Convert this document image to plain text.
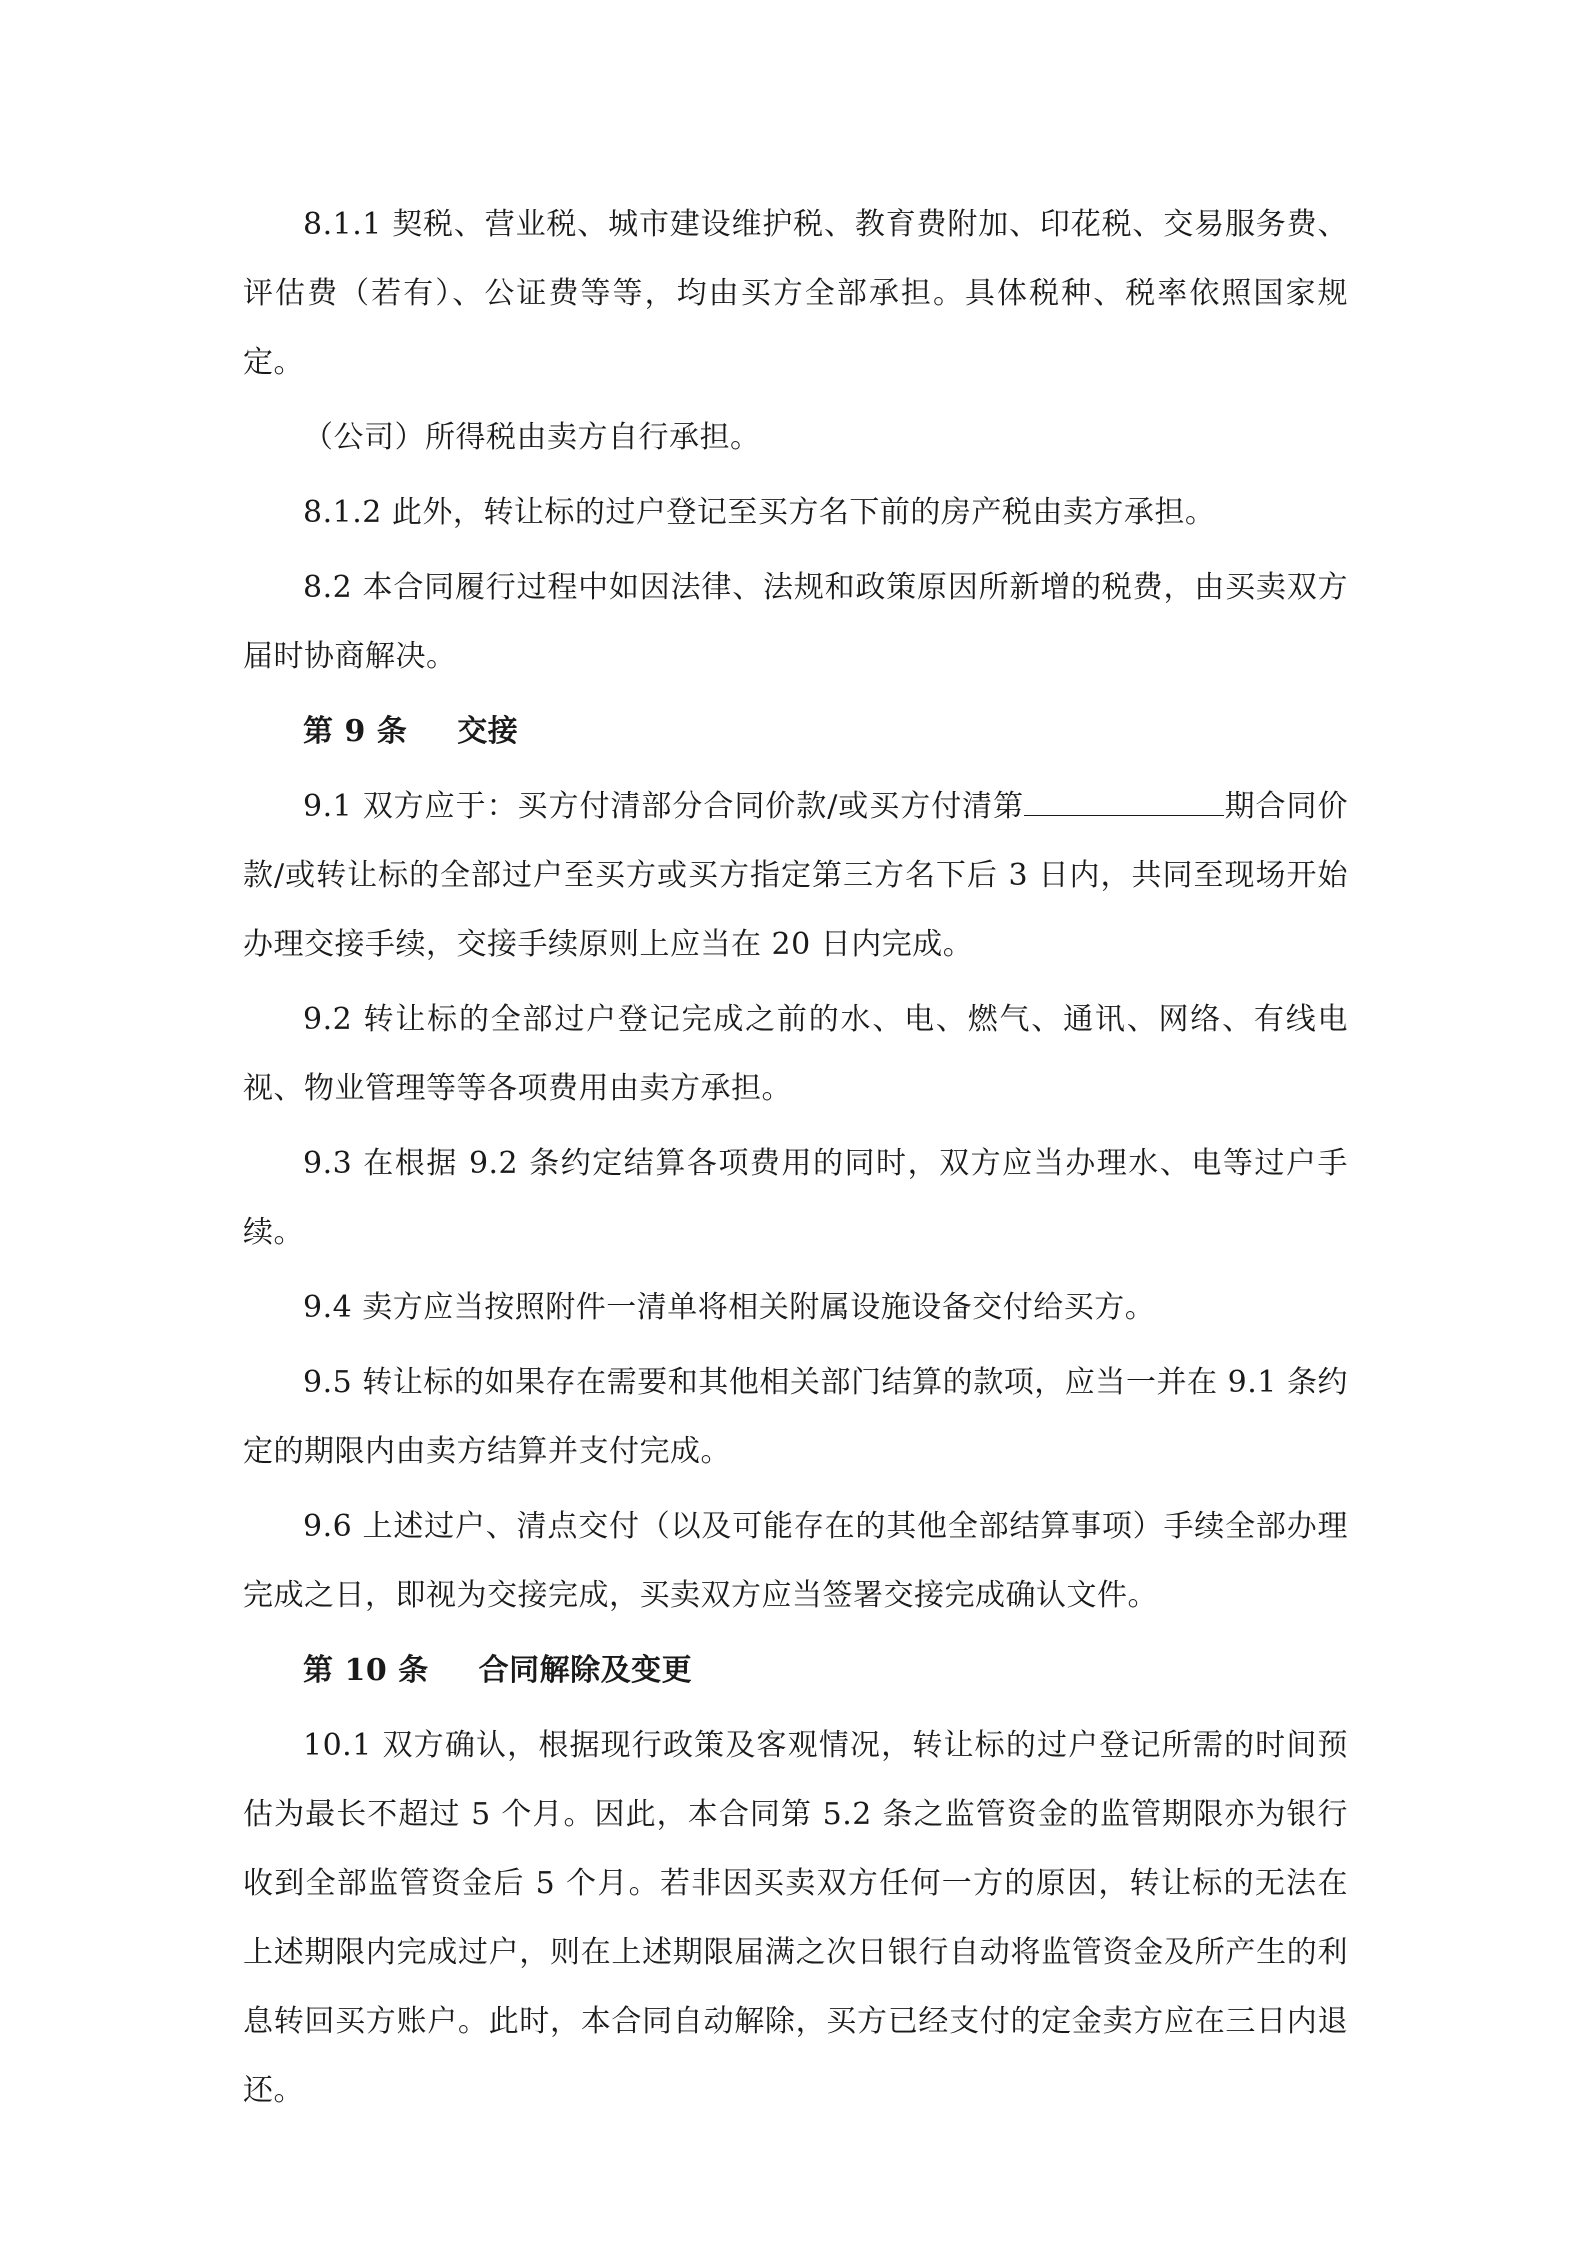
8.1.1 契税、营业税、城市建设维护税、教育费附加、印花税、交易服务费、评估费（若有）、公证费等等，均由买方全部承担。具体税种、税率依照国家规定。

（公司）所得税由卖方自行承担。

8.1.2 此外，转让标的过户登记至买方名下前的房产税由卖方承担。

8.2 本合同履行过程中如因法律、法规和政策原因所新增的税费，由买卖双方届时协商解决。

第 9 条 交接

9.1 双方应于：买方付清部分合同价款/或买方付清第	期合同价款/或转让标的全部过户至买方或买方指定第三方名下后 3 日内，共同至现场开始办理交接手续，交接手续原则上应当在 20 日内完成。

9.2 转让标的全部过户登记完成之前的水、电、燃气、通讯、网络、有线电视、物业管理等等各项费用由卖方承担。

9.3 在根据 9.2 条约定结算各项费用的同时，双方应当办理水、电等过户手续。

9.4 卖方应当按照附件一清单将相关附属设施设备交付给买方。

9.5 转让标的如果存在需要和其他相关部门结算的款项，应当一并在 9.1 条约定的期限内由卖方结算并支付完成。

9.6 上述过户、清点交付（以及可能存在的其他全部结算事项）手续全部办理完成之日，即视为交接完成，买卖双方应当签署交接完成确认文件。

第 10 条 合同解除及变更

10.1 双方确认，根据现行政策及客观情况，转让标的过户登记所需的时间预估为最长不超过 5 个月。因此，本合同第 5.2 条之监管资金的监管期限亦为银行收到全部监管资金后 5 个月。若非因买卖双方任何一方的原因，转让标的无法在上述期限内完成过户，则在上述期限届满之次日银行自动将监管资金及所产生的利息转回买方账户。此时，本合同自动解除，买方已经支付的定金卖方应在三日内退还。
